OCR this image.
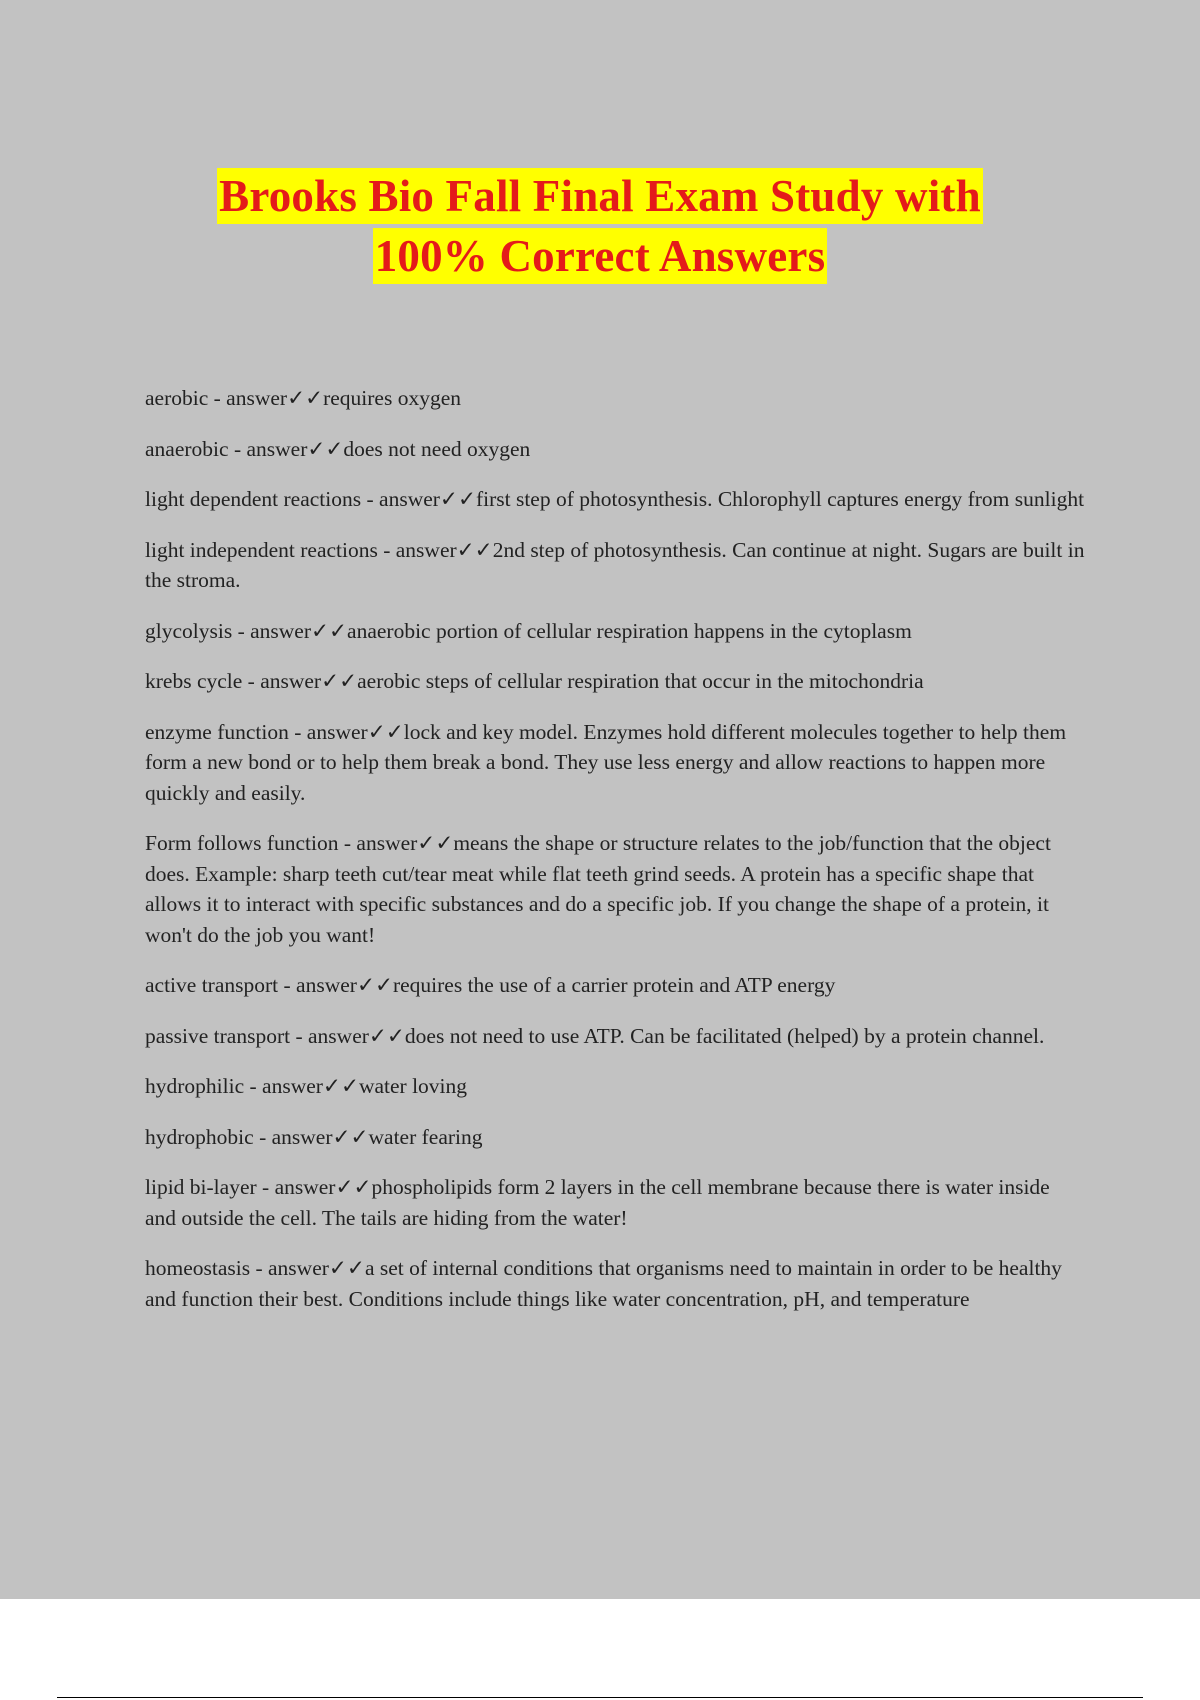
Brooks Bio Fall Final Exam Study with
100% Correct Answers
aerobic - answer✓✓requires oxygen
anaerobic - answer✓✓does not need oxygen
light dependent reactions - answer✓✓first step of photosynthesis. Chlorophyll captures energy from sunlight
light independent reactions - answer✓✓2nd step of photosynthesis. Can continue at night. Sugars are built in the stroma.
glycolysis - answer✓✓anaerobic portion of cellular respiration happens in the cytoplasm
krebs cycle - answer✓✓aerobic steps of cellular respiration that occur in the mitochondria
enzyme function - answer✓✓lock and key model. Enzymes hold different molecules together to help them form a new bond or to help them break a bond. They use less energy and allow reactions to happen more quickly and easily.
Form follows function - answer✓✓means the shape or structure relates to the job/function that the object does. Example: sharp teeth cut/tear meat while flat teeth grind seeds. A protein has a specific shape that allows it to interact with specific substances and do a specific job. If you change the shape of a protein, it won't do the job you want!
active transport - answer✓✓requires the use of a carrier protein and ATP energy
passive transport - answer✓✓does not need to use ATP. Can be facilitated (helped) by a protein channel.
hydrophilic - answer✓✓water loving
hydrophobic - answer✓✓water fearing
lipid bi-layer - answer✓✓phospholipids form 2 layers in the cell membrane because there is water inside and outside the cell. The tails are hiding from the water!
homeostasis - answer✓✓a set of internal conditions that organisms need to maintain in order to be healthy and function their best. Conditions include things like water concentration, pH, and temperature
